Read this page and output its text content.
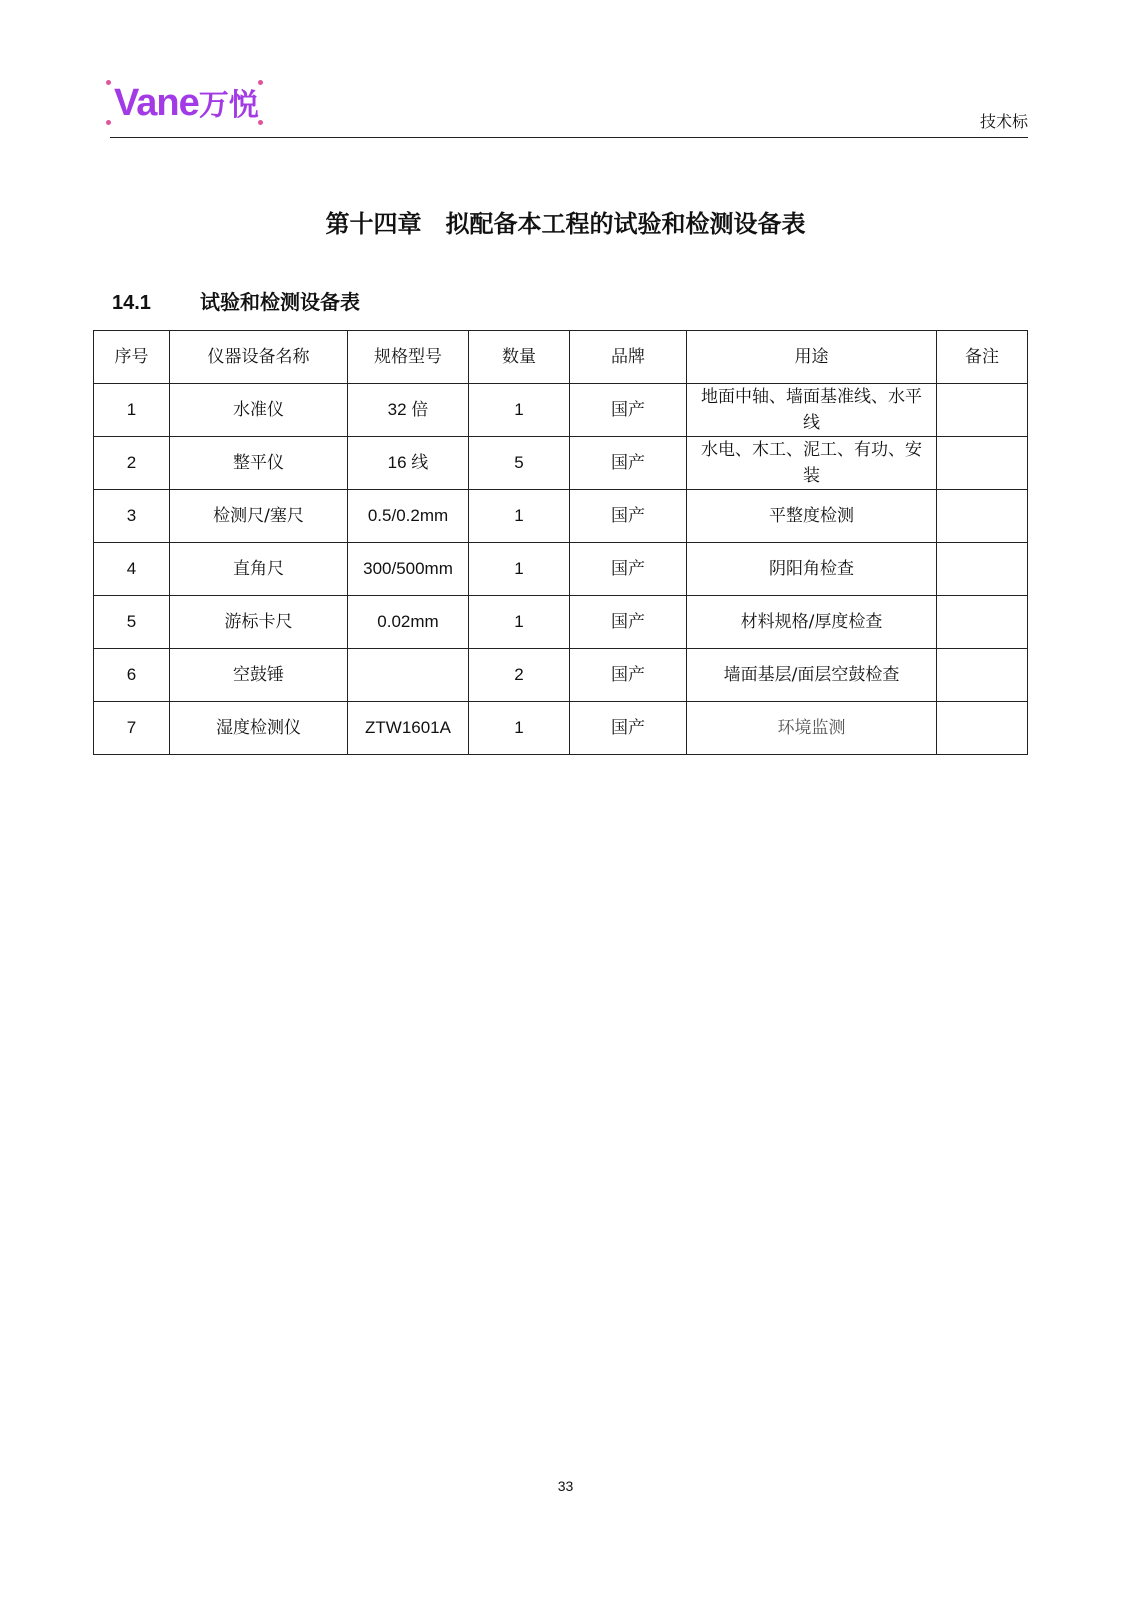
Vane万悦	技术标
第十四章　拟配备本工程的试验和检测设备表
14.1 试验和检测设备表
序号	仪器设备名称	规格型号	数量	品牌	用途	备注
1	水准仪	32 倍	1	国产	地面中轴、墙面基准线、水平线	
2	整平仪	16 线	5	国产	水电、木工、泥工、有功、安装	
3	检测尺/塞尺	0.5/0.2mm	1	国产	平整度检测	
4	直角尺	300/500mm	1	国产	阴阳角检查	
5	游标卡尺	0.02mm	1	国产	材料规格/厚度检查	
6	空鼓锤		2	国产	墙面基层/面层空鼓检查	
7	湿度检测仪	ZTW1601A	1	国产	环境监测	
33
